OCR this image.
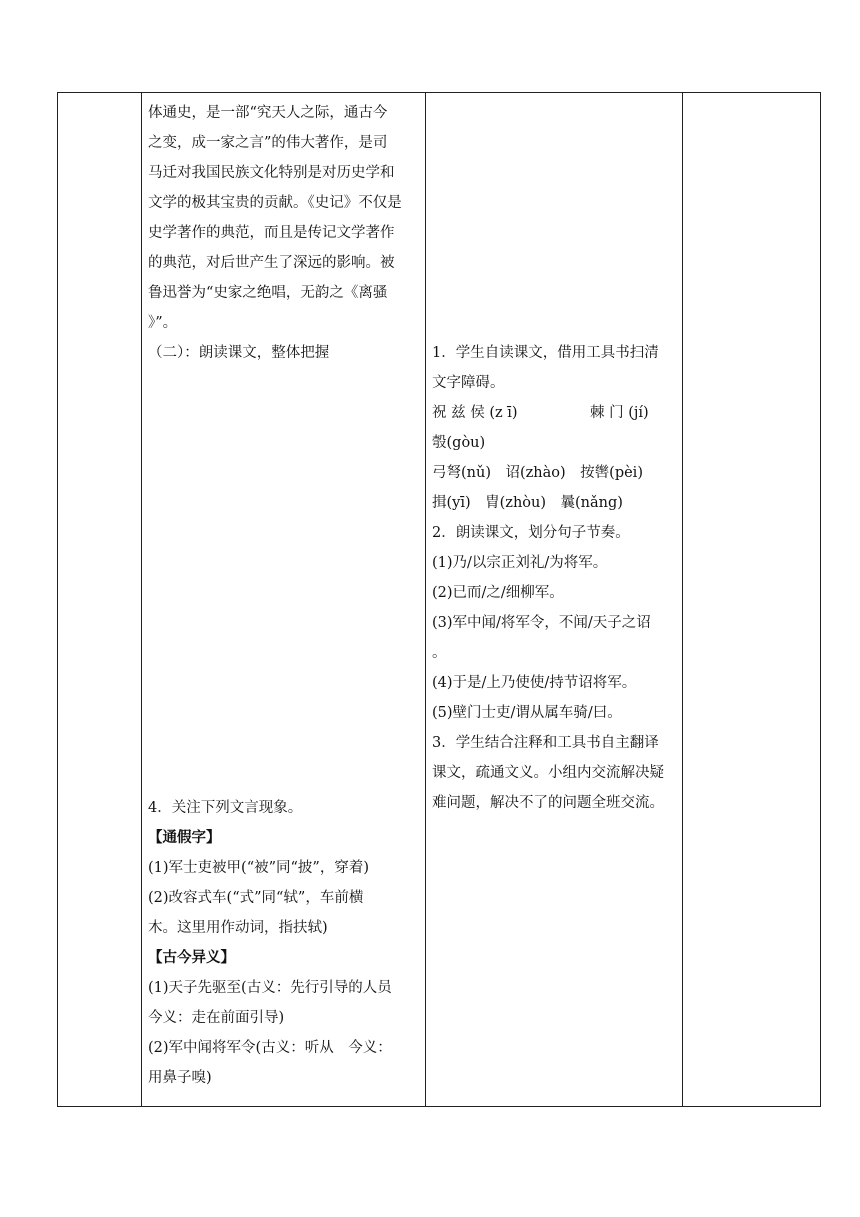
体通史，是一部“究天人之际，通古今
之变，成一家之言”的伟大著作，是司
马迁对我国民族文化特别是对历史学和
文学的极其宝贵的贡献。《史记》不仅是
史学著作的典范，而且是传记文学著作
的典范，对后世产生了深远的影响。被
鲁迅誉为“史家之绝唱，无韵之《离骚
》”。
（二）：朗读课文，整体把握
4．关注下列文言现象。
【通假字】
(1)军士吏被甲(“被”同“披”，穿着)
(2)改容式车(“式”同“轼”，车前横
木。这里用作动词，指扶轼)
【古今异义】
(1)天子先驱至(古义：先行引导的人员
今义：走在前面引导)
(2)军中闻将军令(古义：听从　今义：
用鼻子嗅)

1．学生自读课文，借用工具书扫清
文字障碍。
祝 兹 侯 (z ī)　　　　　棘 门 (jí)
彀(gòu)
弓弩(nǔ)　诏(zhào)　按辔(pèi)
揖(yī)　胄(zhòu)　曩(nǎng)
2．朗读课文，划分句子节奏。
(1)乃/以宗正刘礼/为将军。
(2)已而/之/细柳军。
(3)军中闻/将军令，不闻/天子之诏
。
(4)于是/上乃使使/持节诏将军。
(5)壁门士吏/谓从属车骑/曰。
3．学生结合注释和工具书自主翻译
课文，疏通文义。小组内交流解决疑
难问题，解决不了的问题全班交流。
